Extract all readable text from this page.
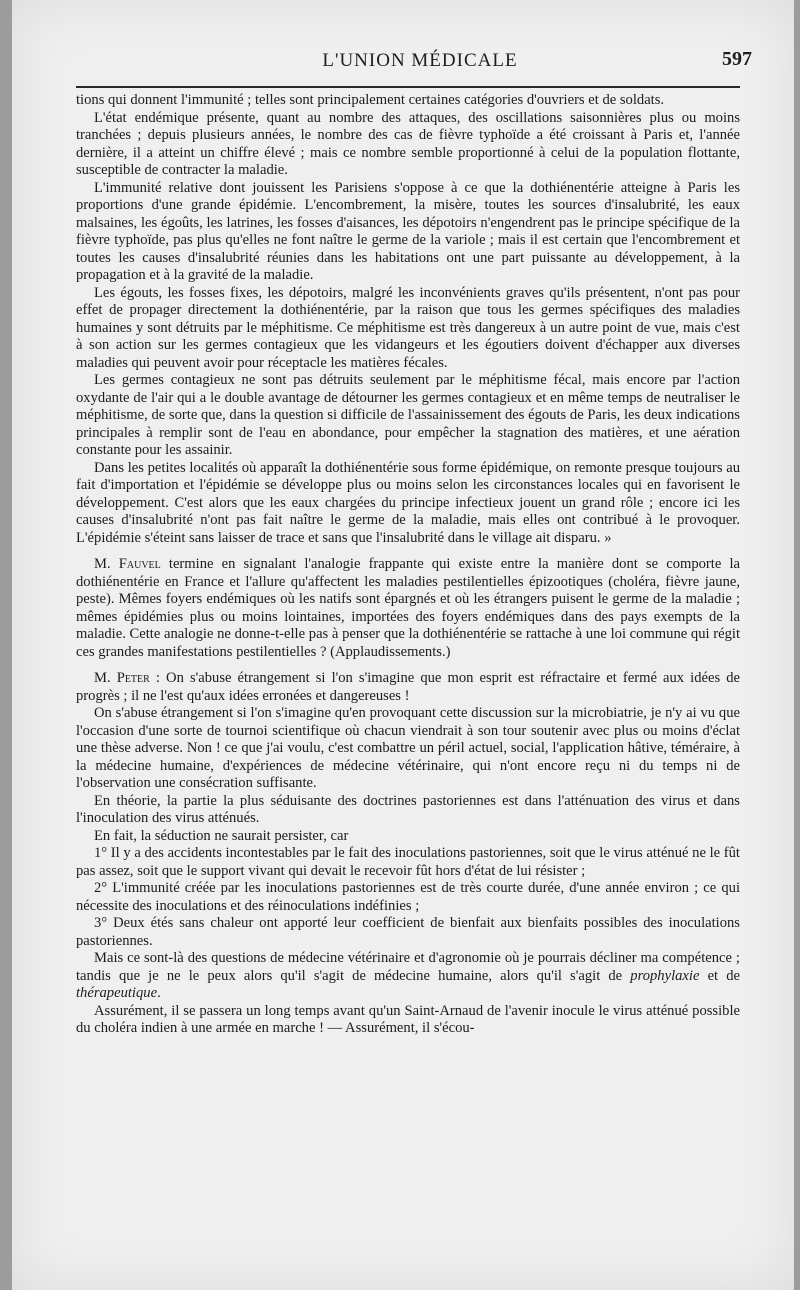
L'UNION MÉDICALE	597

tions qui donnent l'immunité ; telles sont principalement certaines catégories d'ouvriers et de soldats.

L'état endémique présente, quant au nombre des attaques, des oscillations saisonnières plus ou moins tranchées ; depuis plusieurs années, le nombre des cas de fièvre typhoïde a été croissant à Paris et, l'année dernière, il a atteint un chiffre élevé ; mais ce nombre semble proportionné à celui de la population flottante, susceptible de contracter la maladie.

L'immunité relative dont jouissent les Parisiens s'oppose à ce que la dothiénentérie atteigne à Paris les proportions d'une grande épidémie. L'encombrement, la misère, toutes les sources d'insalubrité, les eaux malsaines, les égoûts, les latrines, les fosses d'aisances, les dépotoirs n'engendrent pas le principe spécifique de la fièvre typhoïde, pas plus qu'elles ne font naître le germe de la variole ; mais il est certain que l'encombrement et toutes les causes d'insalubrité réunies dans les habitations ont une part puissante au développement, à la propagation et à la gravité de la maladie.

Les égouts, les fosses fixes, les dépotoirs, malgré les inconvénients graves qu'ils présentent, n'ont pas pour effet de propager directement la dothiénentérie, par la raison que tous les germes spécifiques des maladies humaines y sont détruits par le méphitisme. Ce méphitisme est très dangereux à un autre point de vue, mais c'est à son action sur les germes contagieux que les vidangeurs et les égoutiers doivent d'échapper aux diverses maladies qui peuvent avoir pour réceptacle les matières fécales.

Les germes contagieux ne sont pas détruits seulement par le méphitisme fécal, mais encore par l'action oxydante de l'air qui a le double avantage de détourner les germes contagieux et en même temps de neutraliser le méphitisme, de sorte que, dans la question si difficile de l'assainissement des égouts de Paris, les deux indications principales à remplir sont de l'eau en abondance, pour empêcher la stagnation des matières, et une aération constante pour les assainir.

Dans les petites localités où apparaît la dothiénentérie sous forme épidémique, on remonte presque toujours au fait d'importation et l'épidémie se développe plus ou moins selon les circonstances locales qui en favorisent le développement. C'est alors que les eaux chargées du principe infectieux jouent un grand rôle ; encore ici les causes d'insalubrité n'ont pas fait naître le germe de la maladie, mais elles ont contribué à le provoquer. L'épidémie s'éteint sans laisser de trace et sans que l'insalubrité dans le village ait disparu. »

M. Fauvel termine en signalant l'analogie frappante qui existe entre la manière dont se comporte la dothiénentérie en France et l'allure qu'affectent les maladies pestilentielles épizootiques (choléra, fièvre jaune, peste). Mêmes foyers endémiques où les natifs sont épargnés et où les étrangers puisent le germe de la maladie ; mêmes épidémies plus ou moins lointaines, importées des foyers endémiques dans des pays exempts de la maladie. Cette analogie ne donne-t-elle pas à penser que la dothiénentérie se rattache à une loi commune qui régit ces grandes manifestations pestilentielles ? (Applaudissements.)

M. Peter : On s'abuse étrangement si l'on s'imagine que mon esprit est réfractaire et fermé aux idées de progrès ; il ne l'est qu'aux idées erronées et dangereuses !

On s'abuse étrangement si l'on s'imagine qu'en provoquant cette discussion sur la microbiatrie, je n'y ai vu que l'occasion d'une sorte de tournoi scientifique où chacun viendrait à son tour soutenir avec plus ou moins d'éclat une thèse adverse. Non ! ce que j'ai voulu, c'est combattre un péril actuel, social, l'application hâtive, téméraire, à la médecine humaine, d'expériences de médecine vétérinaire, qui n'ont encore reçu ni du temps ni de l'observation une consécration suffisante.

En théorie, la partie la plus séduisante des doctrines pastoriennes est dans l'atténuation des virus et dans l'inoculation des virus atténués.

En fait, la séduction ne saurait persister, car

1° Il y a des accidents incontestables par le fait des inoculations pastoriennes, soit que le virus atténué ne le fût pas assez, soit que le support vivant qui devait le recevoir fût hors d'état de lui résister ;

2° L'immunité créée par les inoculations pastoriennes est de très courte durée, d'une année environ ; ce qui nécessite des inoculations et des réinoculations indéfinies ;

3° Deux étés sans chaleur ont apporté leur coefficient de bienfait aux bienfaits possibles des inoculations pastoriennes.

Mais ce sont-là des questions de médecine vétérinaire et d'agronomie où je pourrais décliner ma compétence ; tandis que je ne le peux alors qu'il s'agit de médecine humaine, alors qu'il s'agit de prophylaxie et de thérapeutique.

Assurément, il se passera un long temps avant qu'un Saint-Arnaud de l'avenir inocule le virus atténué possible du choléra indien à une armée en marche ! — Assurément, il s'écou-
